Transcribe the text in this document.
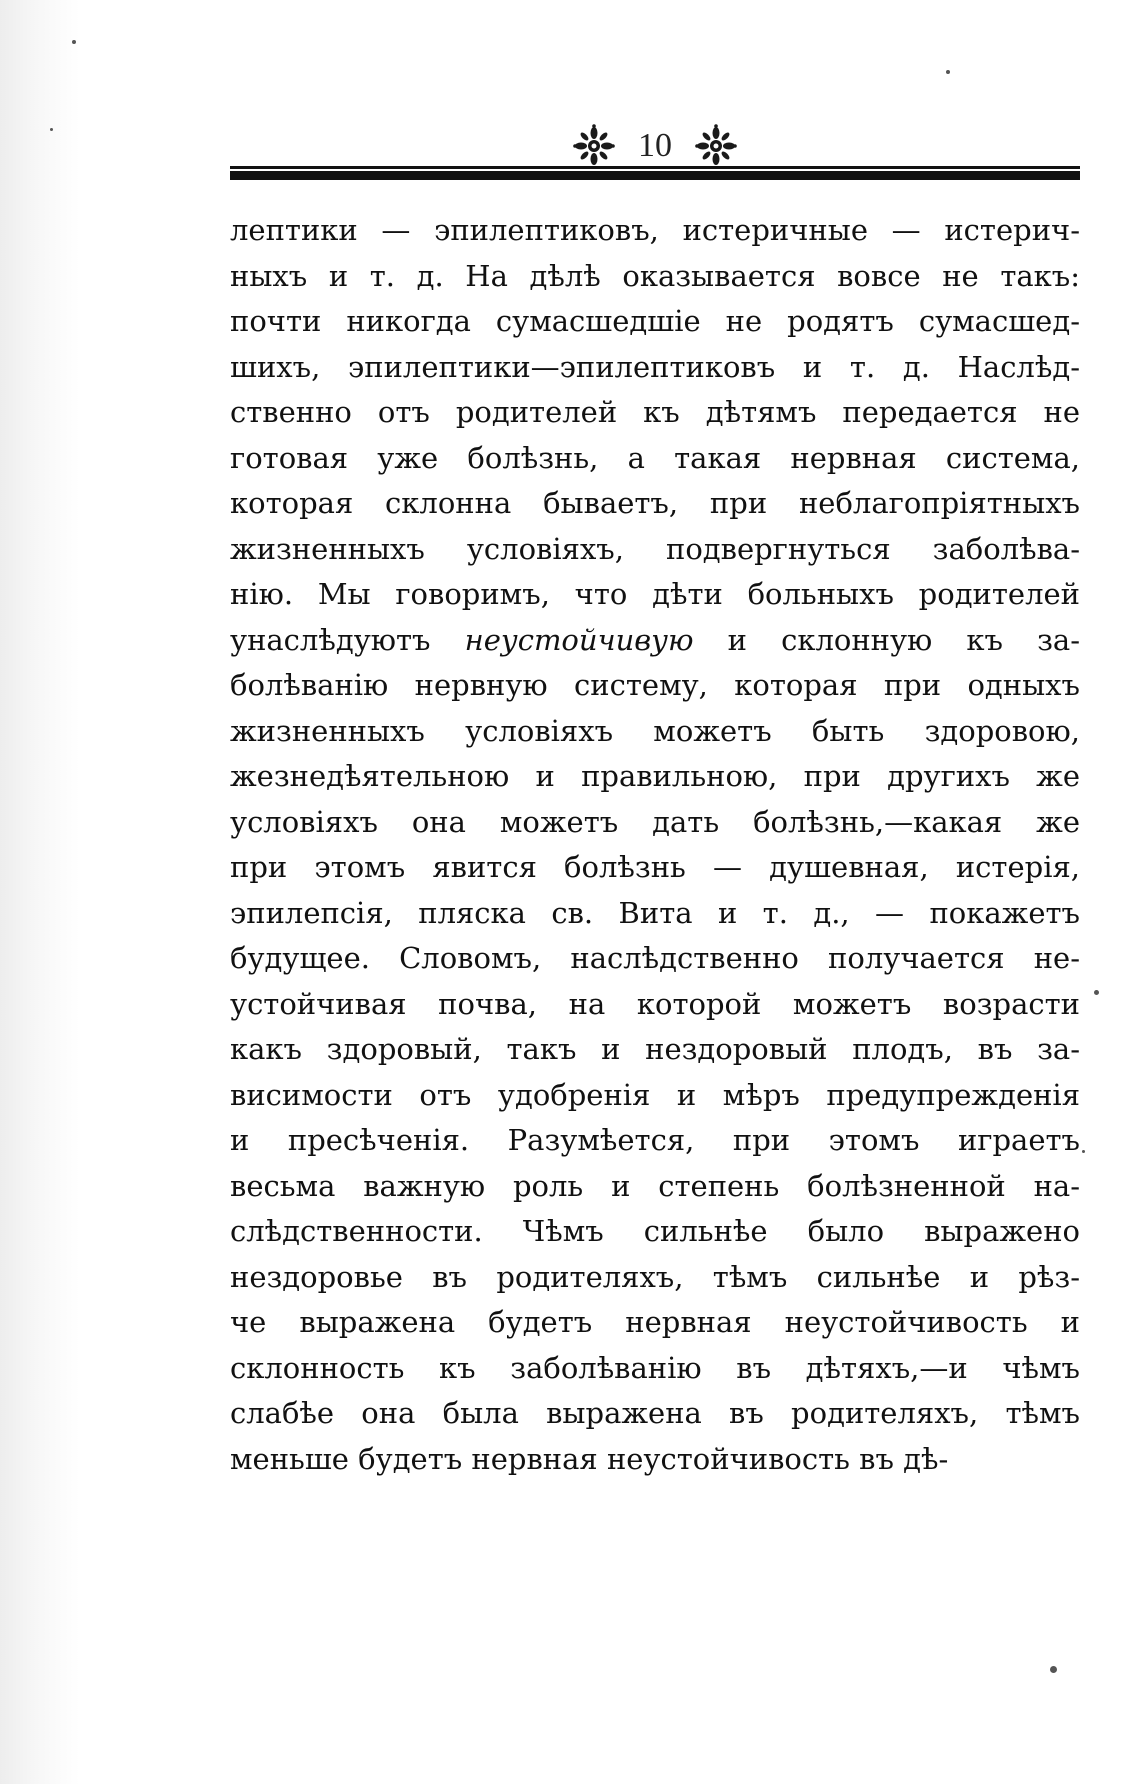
10
лептики — эпилептиковъ, истеричные — истерич-
ныхъ и т. д. На дѣлѣ оказывается вовсе не такъ:
почти никогда сумасшедшіе не родятъ сумасшед-
шихъ, эпилептики—эпилептиковъ и т. д. Наслѣд-
ственно отъ родителей къ дѣтямъ передается не
готовая уже болѣзнь, а такая нервная система,
которая склонна бываетъ, при неблагопріятныхъ
жизненныхъ условіяхъ, подвергнуться заболѣва-
нію. Мы говоримъ, что дѣти больныхъ родителей
унаслѣдуютъ неустойчивую и склонную къ за-
болѣванію нервную систему, которая при одныхъ
жизненныхъ условіяхъ можетъ быть здоровою,
жезнедѣятельною и правильною, при другихъ же
условіяхъ она можетъ дать болѣзнь,—какая же
при этомъ явится болѣзнь — душевная, истерія,
эпилепсія, пляска св. Вита и т. д., — покажетъ
будущее. Словомъ, наслѣдственно получается не-
устойчивая почва, на которой можетъ возрасти
какъ здоровый, такъ и нездоровый плодъ, въ за-
висимости отъ удобренія и мѣръ предупрежденія
и пресѣченія. Разумѣется, при этомъ играетъ
весьма важную роль и степень болѣзненной на-
слѣдственности. Чѣмъ сильнѣе было выражено
нездоровье въ родителяхъ, тѣмъ сильнѣе и рѣз-
че выражена будетъ нервная неустойчивость и
склонность къ заболѣванію въ дѣтяхъ,—и чѣмъ
слабѣе она была выражена въ родителяхъ, тѣмъ
меньше будетъ нервная неустойчивость въ дѣ-
